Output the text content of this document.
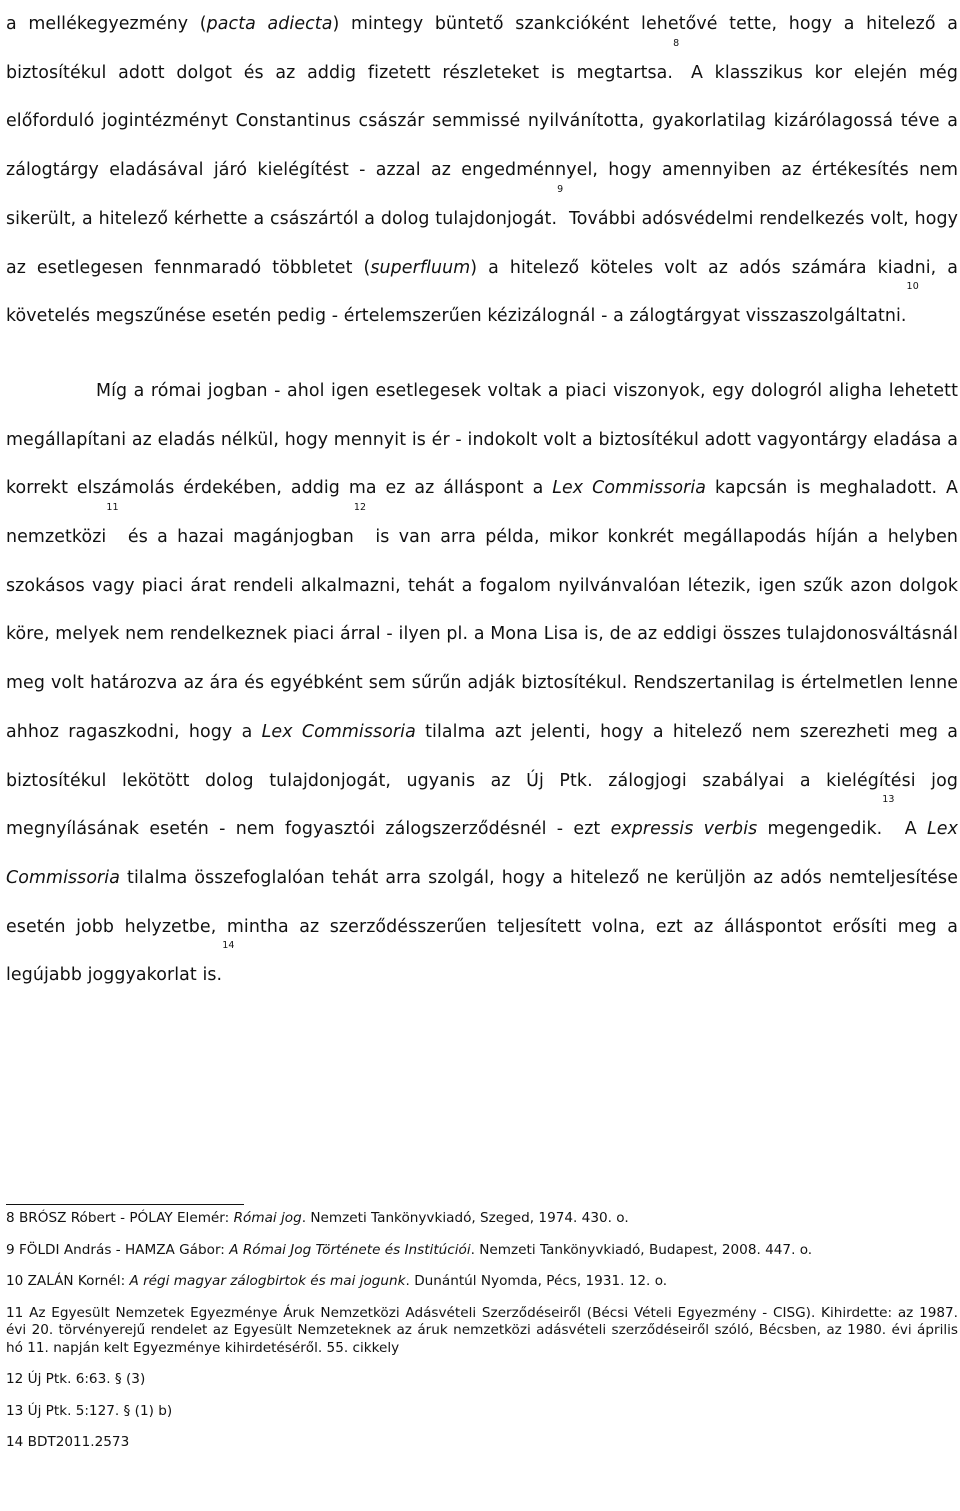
a mellékegyezmény (pacta adiecta) mintegy büntető szankcióként lehetővé tette, hogy a hitelező a biztosítékul adott dolgot és az addig fizetett részleteket is megtartsa.$^8$ A klasszikus kor elején még előforduló jogintézményt Constantinus császár semmissé nyilvánította, gyakorlatilag kizárólagossá téve a zálogtárgy eladásával járó kielégítést - azzal az engedménnyel, hogy amennyiben az értékesítés nem sikerült, a hitelező kérhette a császártól a dolog tulajdonjogát.$^9$ További adósvédelmi rendelkezés volt, hogy az esetlegesen fennmaradó többletet (superfluum) a hitelező köteles volt az adós számára kiadni, a követelés megszűnése esetén pedig - értelemszerűen kézizálognál - a zálogtárgyat visszaszolgáltatni.$^{10}$

Míg a római jogban - ahol igen esetlegesek voltak a piaci viszonyok, egy dologról aligha lehetett megállapítani az eladás nélkül, hogy mennyit is ér - indokolt volt a biztosítékul adott vagyontárgy eladása a korrekt elszámolás érdekében, addig ma ez az álláspont a Lex Commissoria kapcsán is meghaladott. A nemzetközi$^{11}$ és a hazai magánjogban$^{12}$ is van arra példa, mikor konkrét megállapodás híján a helyben szokásos vagy piaci árat rendeli alkalmazni, tehát a fogalom nyilvánvalóan létezik, igen szűk azon dolgok köre, melyek nem rendelkeznek piaci árral - ilyen pl. a Mona Lisa is, de az eddigi összes tulajdonosváltásnál meg volt határozva az ára és egyébként sem sűrűn adják biztosítékul. Rendszertanilag is értelmetlen lenne ahhoz ragaszkodni, hogy a Lex Commissoria tilalma azt jelenti, hogy a hitelező nem szerezheti meg a biztosítékul lekötött dolog tulajdonjogát, ugyanis az Új Ptk. zálogjogi szabályai a kielégítési jog megnyílásának esetén - nem fogyasztói zálogszerződésnél - ezt expressis verbis megengedik.$^{13}$ A Lex Commissoria tilalma összefoglalóan tehát arra szolgál, hogy a hitelező ne kerüljön az adós nemteljesítése esetén jobb helyzetbe, mintha az szerződésszerűen teljesített volna, ezt az álláspontot erősíti meg a legújabb joggyakorlat is.$^{14}$

8 BRÓSZ Róbert - PÓLAY Elemér: Római jog. Nemzeti Tankönyvkiadó, Szeged, 1974. 430. o.

9 FÖLDI András - HAMZA Gábor: A Római Jog Története és Institúciói. Nemzeti Tankönyvkiadó, Budapest, 2008. 447. o.

10 ZALÁN Kornél: A régi magyar zálogbirtok és mai jogunk. Dunántúl Nyomda, Pécs, 1931. 12. o.

11 Az Egyesült Nemzetek Egyezménye Áruk Nemzetközi Adásvételi Szerződéseiről (Bécsi Vételi Egyezmény - CISG). Kihirdette: az 1987. évi 20. törvényerejű rendelet az Egyesült Nemzeteknek az áruk nemzetközi adásvételi szerződéseiről szóló, Bécsben, az 1980. évi április hó 11. napján kelt Egyezménye kihirdetéséről. 55. cikkely

12 Új Ptk. 6:63. § (3)

13 Új Ptk. 5:127. § (1) b)

14 BDT2011.2573
